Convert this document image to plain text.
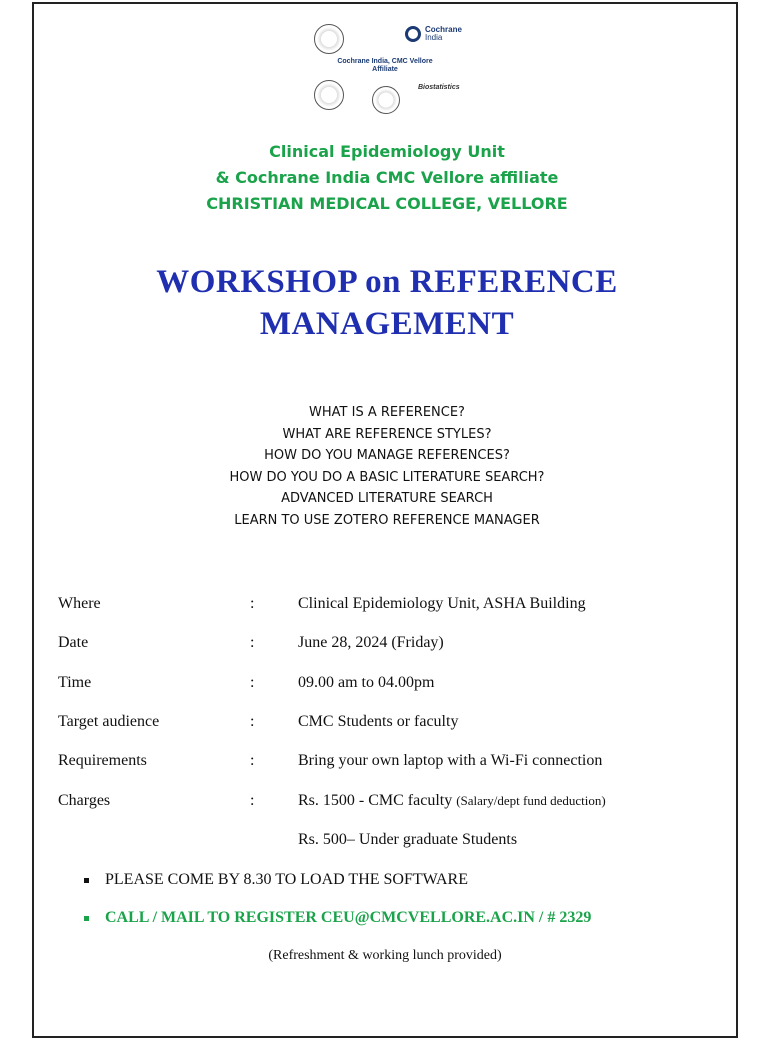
Cochrane
India
Cochrane India, CMC Vellore
Affiliate
Biostatistics
Clinical Epidemiology Unit
& Cochrane India CMC Vellore affiliate
CHRISTIAN MEDICAL COLLEGE, VELLORE
WORKSHOP on REFERENCE
MANAGEMENT
WHAT IS A REFERENCE?
WHAT ARE REFERENCE STYLES?
HOW DO YOU MANAGE REFERENCES?
HOW DO YOU DO A BASIC LITERATURE SEARCH?
ADVANCED LITERATURE SEARCH
LEARN TO USE ZOTERO REFERENCE MANAGER
Where	:	Clinical Epidemiology Unit, ASHA Building
Date	:	June 28, 2024 (Friday)
Time	:	09.00 am to 04.00pm
Target audience	:	CMC Students or faculty
Requirements	:	Bring your own laptop with a Wi-Fi connection
Charges	:	Rs. 1500 - CMC faculty (Salary/dept fund deduction)
Rs. 500– Under graduate Students
PLEASE COME BY 8.30 TO LOAD THE SOFTWARE
CALL / MAIL TO REGISTER CEU@CMCVELLORE.AC.IN / # 2329
(Refreshment & working lunch provided)
